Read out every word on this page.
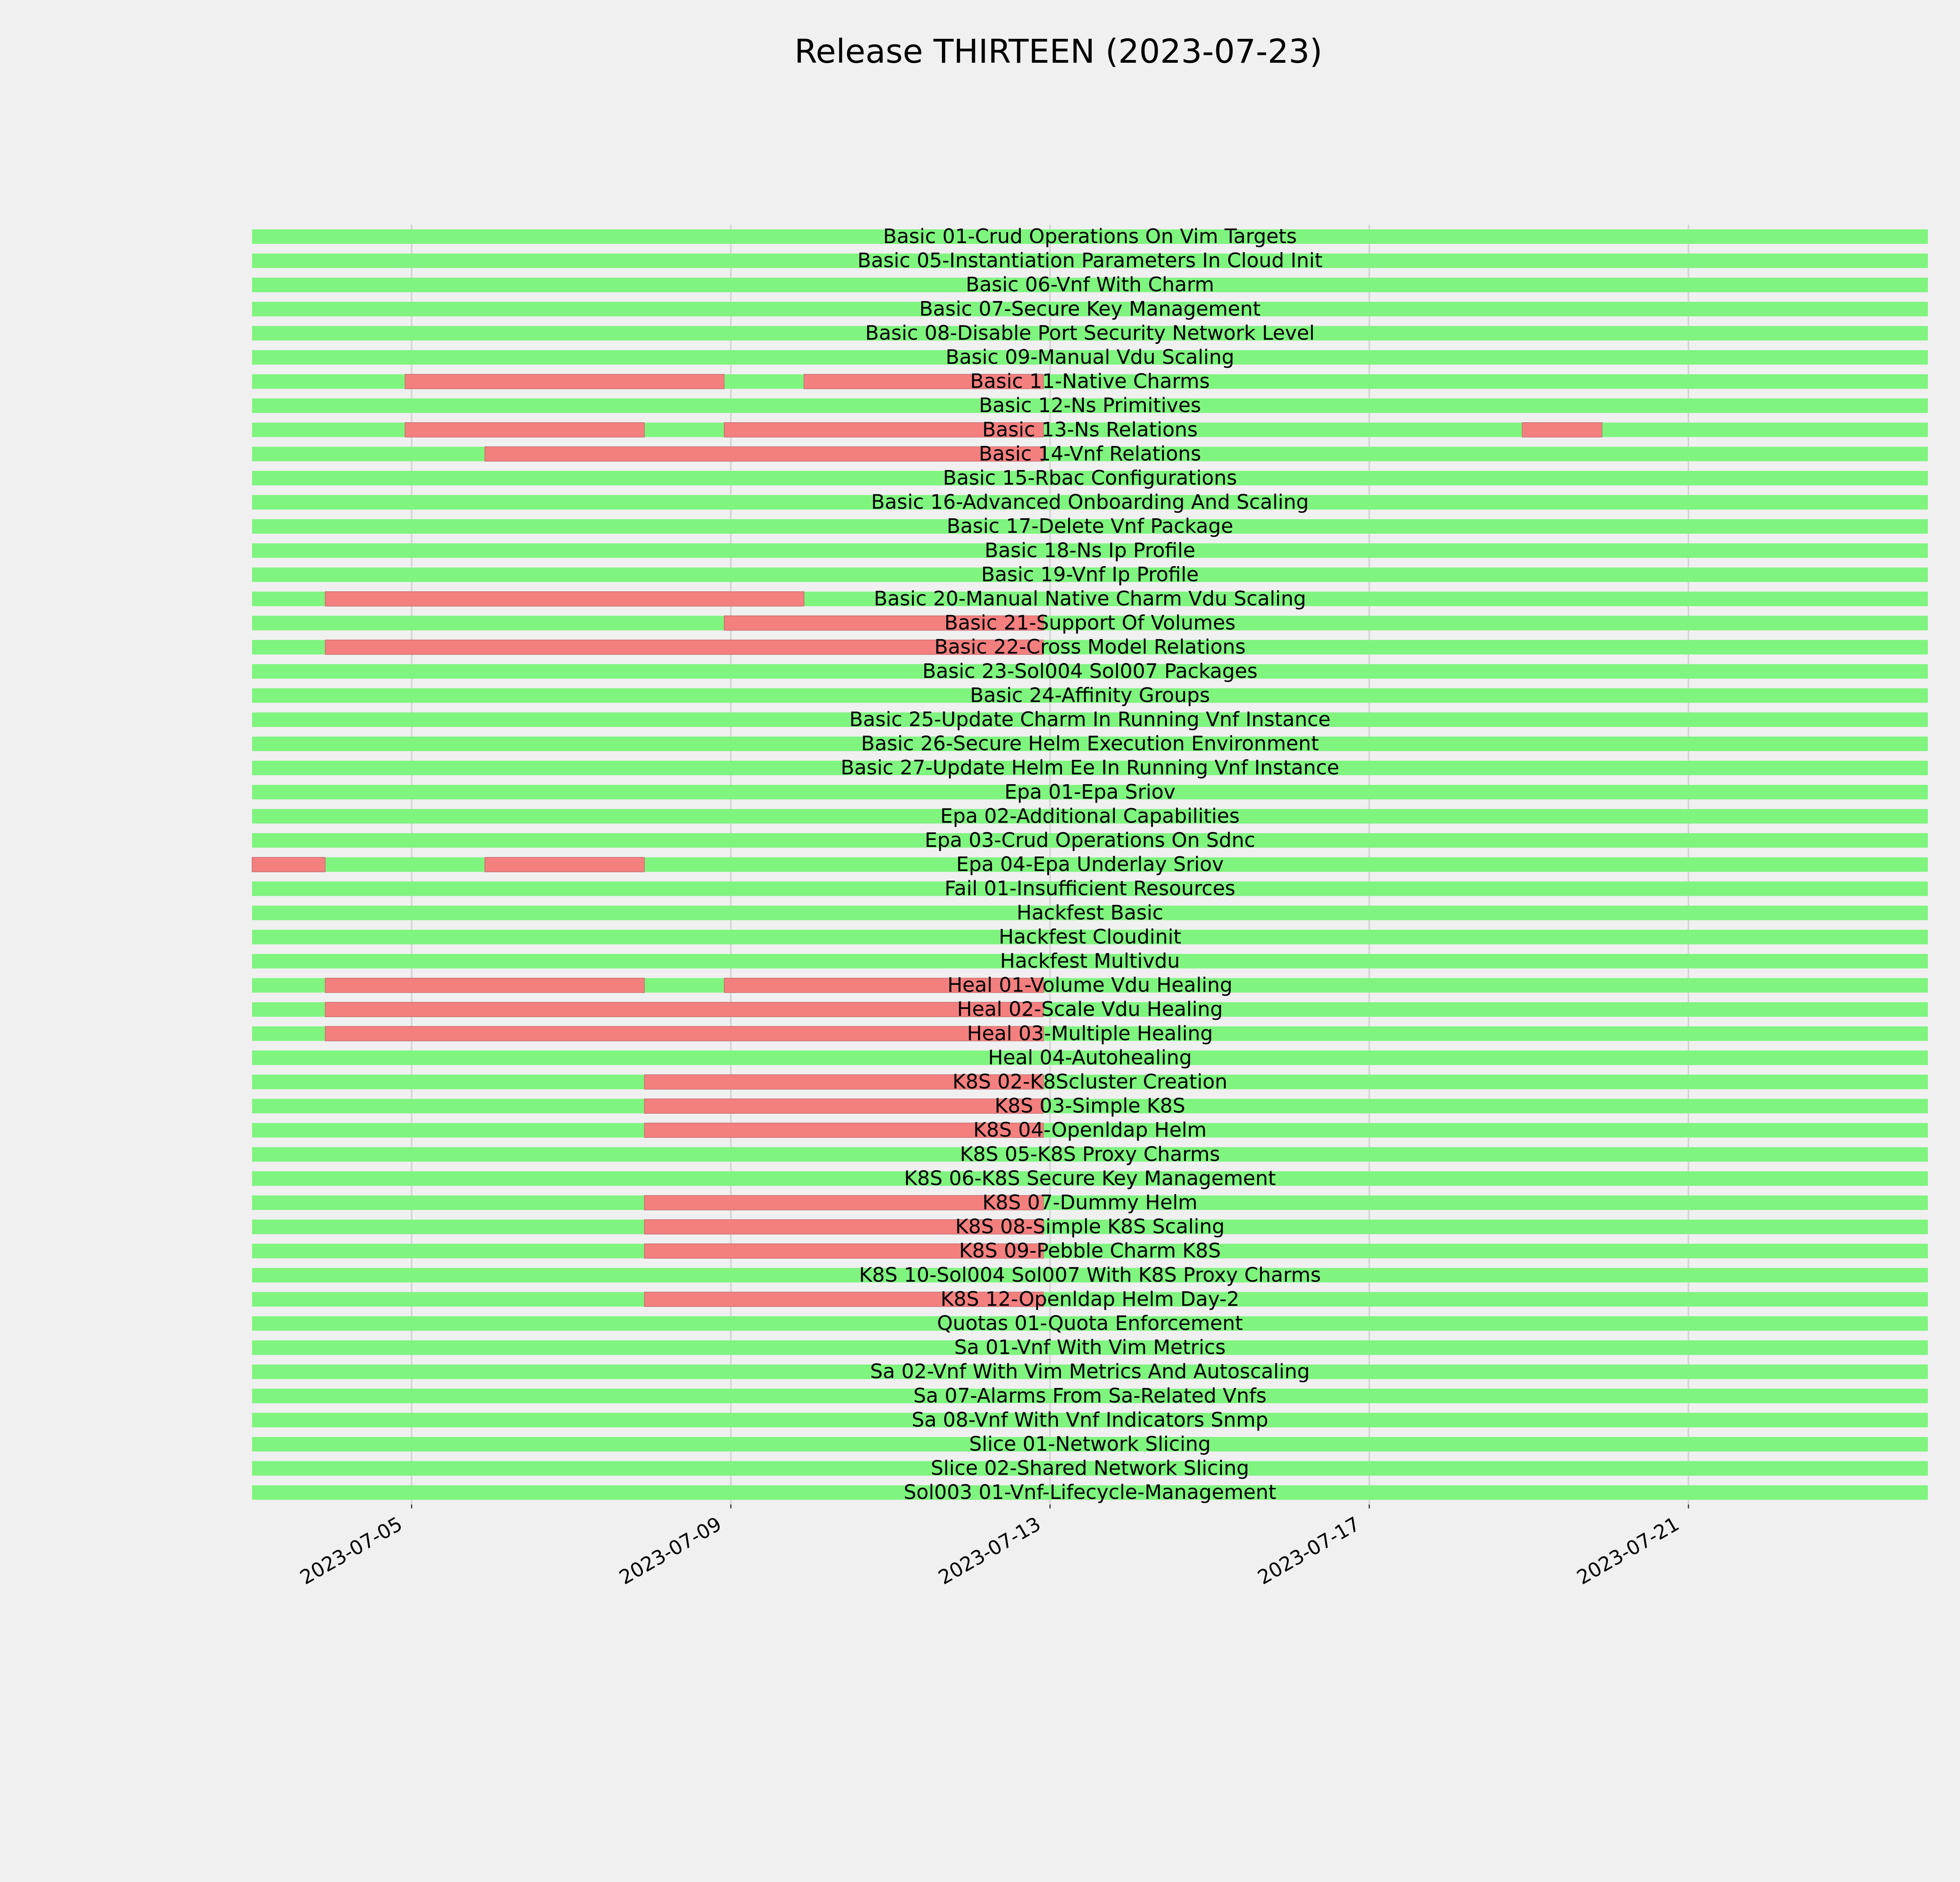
Release THIRTEEN (2023-07-23)
Basic 01-Crud Operations On Vim Targets
Basic 05-Instantiation Parameters In Cloud Init
Basic 06-Vnf With Charm
Basic 07-Secure Key Management
Basic 08-Disable Port Security Network Level
Basic 09-Manual Vdu Scaling
Basic 11-Native Charms
Basic 12-Ns Primitives
Basic 13-Ns Relations
Basic 14-Vnf Relations
Basic 15-Rbac Configurations
Basic 16-Advanced Onboarding And Scaling
Basic 17-Delete Vnf Package
Basic 18-Ns Ip Profile
Basic 19-Vnf Ip Profile
Basic 20-Manual Native Charm Vdu Scaling
Basic 21-Support Of Volumes
Basic 22-Cross Model Relations
Basic 23-Sol004 Sol007 Packages
Basic 24-Affinity Groups
Basic 25-Update Charm In Running Vnf Instance
Basic 26-Secure Helm Execution Environment
Basic 27-Update Helm Ee In Running Vnf Instance
Epa 01-Epa Sriov
Epa 02-Additional Capabilities
Epa 03-Crud Operations On Sdnc
Epa 04-Epa Underlay Sriov
Fail 01-Insufficient Resources
Hackfest Basic
Hackfest Cloudinit
Hackfest Multivdu
Heal 01-Volume Vdu Healing
Heal 02-Scale Vdu Healing
Heal 03-Multiple Healing
Heal 04-Autohealing
K8S 02-K8Scluster Creation
K8S 03-Simple K8S
K8S 04-Openldap Helm
K8S 05-K8S Proxy Charms
K8S 06-K8S Secure Key Management
K8S 07-Dummy Helm
K8S 08-Simple K8S Scaling
K8S 09-Pebble Charm K8S
K8S 10-Sol004 Sol007 With K8S Proxy Charms
K8S 12-Openldap Helm Day-2
Quotas 01-Quota Enforcement
Sa 01-Vnf With Vim Metrics
Sa 02-Vnf With Vim Metrics And Autoscaling
Sa 07-Alarms From Sa-Related Vnfs
Sa 08-Vnf With Vnf Indicators Snmp
Slice 01-Network Slicing
Slice 02-Shared Network Slicing
Sol003 01-Vnf-Lifecycle-Management
2023-07-05	2023-07-09	2023-07-13	2023-07-17	2023-07-21
